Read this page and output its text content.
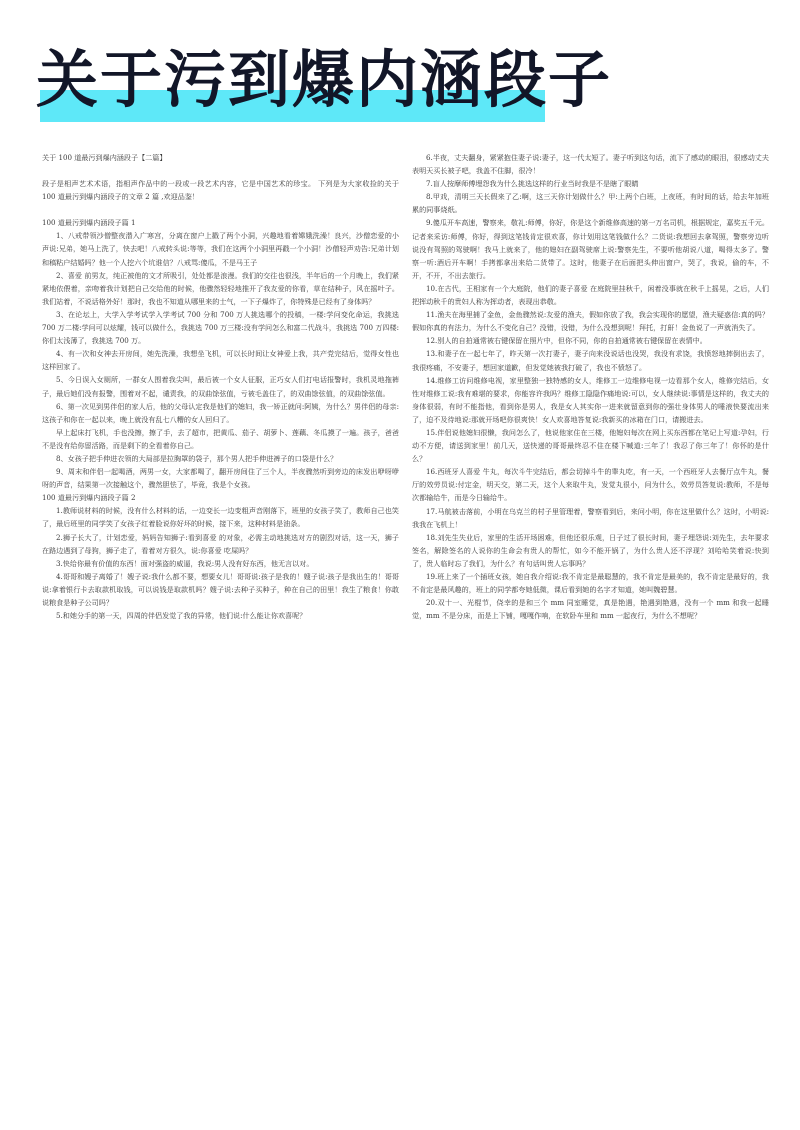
关于污到爆内涵段子

关于 100 道最污到爆内涵段子【二篇】

段子是相声艺术术语，指相声作品中的一段或一段艺术内容，它是中国艺术的珍宝。 下列是为大家收捡的关于 100 道最污到爆内涵段子的文章 2 篇 ,欢迎品鉴！

100 道最污到爆内涵段子篇 1

1、八戒带领沙僧整夜潜入广寒宫，分离在窗户上戳了两个小洞，兴趣地看着嫦娥洗澡！良兴，沙僧恋爱的小声说:兄弟，她马上洗了，快去吧！八戒转头说:等等，我们在这两个小洞里再戳一个小洞！沙僧轻声劝告:兄弟计划和稿粘户结婚吗？他一个人挖六个坑谁信？八戒骂:傻瓜，不是马王子

2、喜爱 前男友，纯正被他的文才所吸引，处处都是浪漫。我们的交往也很浅，半年后的一个月晚上，我们紧紧地依偎着，亲吻着我计划把自己交给他的时候，他骤然轻轻地推开了我友爱的你看，草在结种子，风在摇叶子。我们站着，不说话格外好！那时，我也不知道从哪里来的士气，一下子爆炸了，你特殊是已经有了身体吗？

3、在论坛上，大学入学考试学入学考试 700 分和 700 万人挑选哪个的投稿，一楼:学问变化命运，我挑选 700 万二楼:学问可以炫耀，钱可以做什么，我挑选 700 万三楼:没有学问怎么和富二代战斗，我挑选 700 万四楼:你们太浅薄了，我挑选 700 万。

4、有一次和女神去开房间，她先洗澡，我想坐飞机，可以长时间让女神爱上我，共产党完结后，觉得女性也这样回家了。

5、今日误入女厕所，一群女人围着我尖叫，最后被一个女人征服，正巧女人们打电话报警时，我机灵地拖裤子，最后她们没有报警，围着对不起，谴责我，的双曲馀弦值，亏被毛盖住了，的双曲馀弦值，的双曲馀弦值。

6、第一次见到男伴侣的家人后，他的父母认定我是他们的媳妇，我一矫正就问:阿姨，为什么？男伴侣的母亲:这孩子和你在一起以来，晚上就没有乱七八糟的女人回归了。

早上起床打飞机，手也没擦，擦了手，去了超市，把黄瓜、茄子、胡萝卜、莲藕、冬瓜摸了一遍。孩子，爸爸不是没有给你留活路，而是剩下的全看着你自己。

8、女孩子把手伸进衣领的大局部是拉胸罩的袋子，那个男人把手伸进裤子的口袋是什么？

9、周末和伴侣一起喝酒，两男一女，大家都喝了，翻开房间住了三个人，半夜骤然听到旁边的床发出咿呀咿呀的声音，结果第一次接触这个，骤然胆怯了，毕竟，我是个女孩。

100 道最污到爆内涵段子篇 2

1.教师说材料的时候，没有什么材料的话，一边变长一边变粗声音刚落下，班里的女孩子笑了，教师自己也笑了，最后班里的同学笑了女孩子红着脸说你好坏的时候，接下来，这种材料是油条。

2.狮子长大了，计划恋爱，妈妈告知狮子:看到喜爱 的对象，必需主动地挑选对方的剧烈对话，这一天，狮子在路边遇到了母狗，狮子走了，看着对方很久，说:你喜爱 吃屎吗？

3.快给你最有价值的东西！面对强盗的威逼，我说:男人没有好东西，他无言以对。

4.哥哥和嫂子离婚了！嫂子说:我什么都不要，想要女儿！哥哥说:孩子是我的！嫂子说:孩子是我出生的！哥哥说:拿着银行卡去取款机取钱，可以说钱是取款机吗？嫂子说:去种子买种子，种在自己的田里！我生了粮食！你敢说粮食是种子公司吗？

5.和她分手的第一天，四周的伴侣发觉了我的异常，他们说:什么能让你欢喜呢？

6.半夜，丈夫翻身，紧紧抱住妻子说:妻子，这一代太短了。妻子听到这句话，流下了感动的眼泪，很感动丈夫表明天买长被子吧，我盖不住脚，很冷！

7.盲人按摩师傅埋怨我为什么挑选这样的行业当时我是不是瞎了眼睛

8.甲戏，清明三天长假来了乙:啊，这三天你计划做什么？甲:上两个白班，上夜班，有时间的话，给去年加班累的同事烧纸。

9.傻瓜开车高速，警察来，敬礼:师傅，你好，你是这个新维修高速的第一万名司机，根据规定，嘉奖五千元。记者来采访:师傅，你好，得到这笔钱肯定很欢喜，你计划用这笔钱做什么？二货说:我想回去拿驾照，警察旁边听说没有驾照的驾驶啊！我马上就来了，他的媳妇在副驾驶席上说:警察先生，不要听他胡说八道，喝得太多了。警察一听:酒后开车啊！手拷都拿出来给二货带了。这时，他妻子在后面把头伸出窗户，哭了，我说，偷的车，不开，不开，不出去旅行。

10.在古代，王相家有一个大庭院，他们的妻子喜爱 在庭院里挂秋千，闲着没事就在秋千上摇晃，之后，人们把挥动秋千的贵妇人称为挥动者，表现出恭敬。

11.渔夫在海里捕了金鱼，金鱼骤然说:友爱的渔夫，假如你放了我，我会实现你的愿望，渔夫疑惑信:真的吗？假如你真的有法力，为什么不变化自己？没错，没错，为什么没想到呢！拜托，打鼾！金鱼说了一声就消失了。

12.别人的自拍通常被右键保留在照片中，但你不同，你的自拍通常被右键保留在表情中。

13.和妻子在一起七年了，昨天第一次打妻子，妻子向来没说话也没哭，我没有求饶，我愤怒地摔倒出去了，我很疼痛，不安妻子，想回家道歉，但发觉她被我打破了，我也不愤怒了。

14.维修工访问维修电视，家里整独一独特感的女人，维修工一边维修电视一边看那个女人，维修完结后，女性对维修工说:我有难堪的要求，你能容许我吗？维修工隐隐作痛地说:可以，女人继续说:事情是这样的，我丈夫的身体很弱，有时不能指他，看到你是男人，我是女人其实你一进来就留意到你的强壮身体男人的唾液快要流出来了，迫不及待地说:那就开场吧你很爽快！女人欢喜地答复说:我新买的冰箱在门口，请搬进去。

15.伴侣说他媳妇很懒，我问怎么了，他说他家住在三楼，他媳妇每次在网上买东西都在笔记上写道:孕妇，行动不方便，请送到家里！前几天，送快递的哥哥最终忍不住在楼下喊道:三年了！我忍了你三年了！你怀的是什么？

16.西班牙人喜爱 牛丸，每次斗牛完结后，都会切掉斗牛的睾丸吃，有一天，一个西班牙人去餐厅点牛丸，餐厅的效劳员说:付定金，明天交，第二天，这个人来取牛丸，发觉丸很小，问为什么，效劳员答复说:教师，不是每次都输给牛，而是今日输给牛。

17.马航被击落前，小明在乌克兰的村子里管理着，警察看到后，来问小明，你在这里做什么？这时，小明说:我我在飞机上！

18.刘先生失业后，家里的生活开场困难，但他还很乐观，日子过了很长时间，妻子埋怨说:刘先生，去年要求签名，解除签名的人说你的生命会有贵人的帮忙，如今不能开锅了，为什么贵人还不浮现？刘哈哈笑着说:快到了，贵人临时忘了我们，为什么？有句话叫贵人忘事吗？

19.班上来了一个插班女孩，她自我介绍说:我不肯定是最聪慧的，我不肯定是最美的，我不肯定是最好的，我不肯定是最风趣的，班上的同学都夸她低微，课后看到她的名字才知道，她叫魏碧慧。

20.双十一、光棍节，侥幸的是和三个 mm 同室睡觉，真是艳遇，艳遇到艳遇，没有一个 mm 和我一起睡觉，mm 不是分床，而是上下铺，嘎嘎作响，在软卧车里和 mm 一起夜行，为什么不想呢？
